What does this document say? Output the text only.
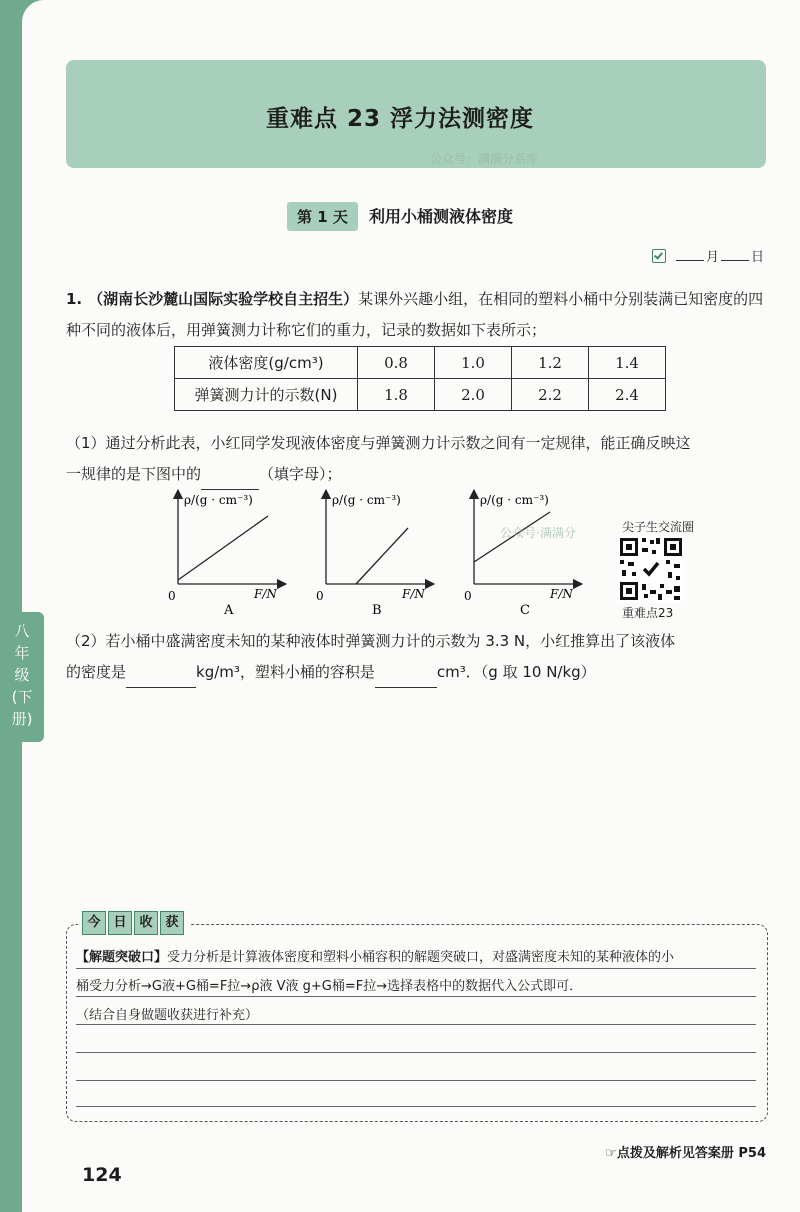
重难点 23 浮力法测密度
公众号：满满分系库
第 1 天 利用小桶测液体密度
月 日
1. （湖南长沙麓山国际实验学校自主招生）某课外兴趣小组，在相同的塑料小桶中分别装满已知密度的四种不同的液体后，用弹簧测力计称它们的重力，记录的数据如下表所示；
液体密度(g/cm³)	0.8	1.0	1.2	1.4
弹簧测力计的示数(N)	1.8	2.0	2.2	2.4
（1）通过分析此表，小红同学发现液体密度与弹簧测力计示数之间有一定规律，能正确反映这
一规律的是下图中的	（填字母）；
ρ/(g · cm⁻³)
F/N
0
A
ρ/(g · cm⁻³)
F/N
0
B
ρ/(g · cm⁻³)
F/N
0
C
公众号·满满分	尖子生交流圈
重难点23
（2）若小桶中盛满密度未知的某种液体时弹簧测力计的示数为 3.3 N，小红推算出了该液体
的密度是	kg/m³，塑料小桶的容积是	cm³．（g 取 10 N/kg）
八
年
级
(下
册)
今 日 收 获
【解题突破口】受力分析是计算液体密度和塑料小桶容积的解题突破口，对盛满密度未知的某种液体的小
桶受力分析→G液+G桶=F拉→ρ液 V液 g+G桶=F拉→选择表格中的数据代入公式即可．
（结合自身做题收获进行补充）
☞点拨及解析见答案册 P54
124
